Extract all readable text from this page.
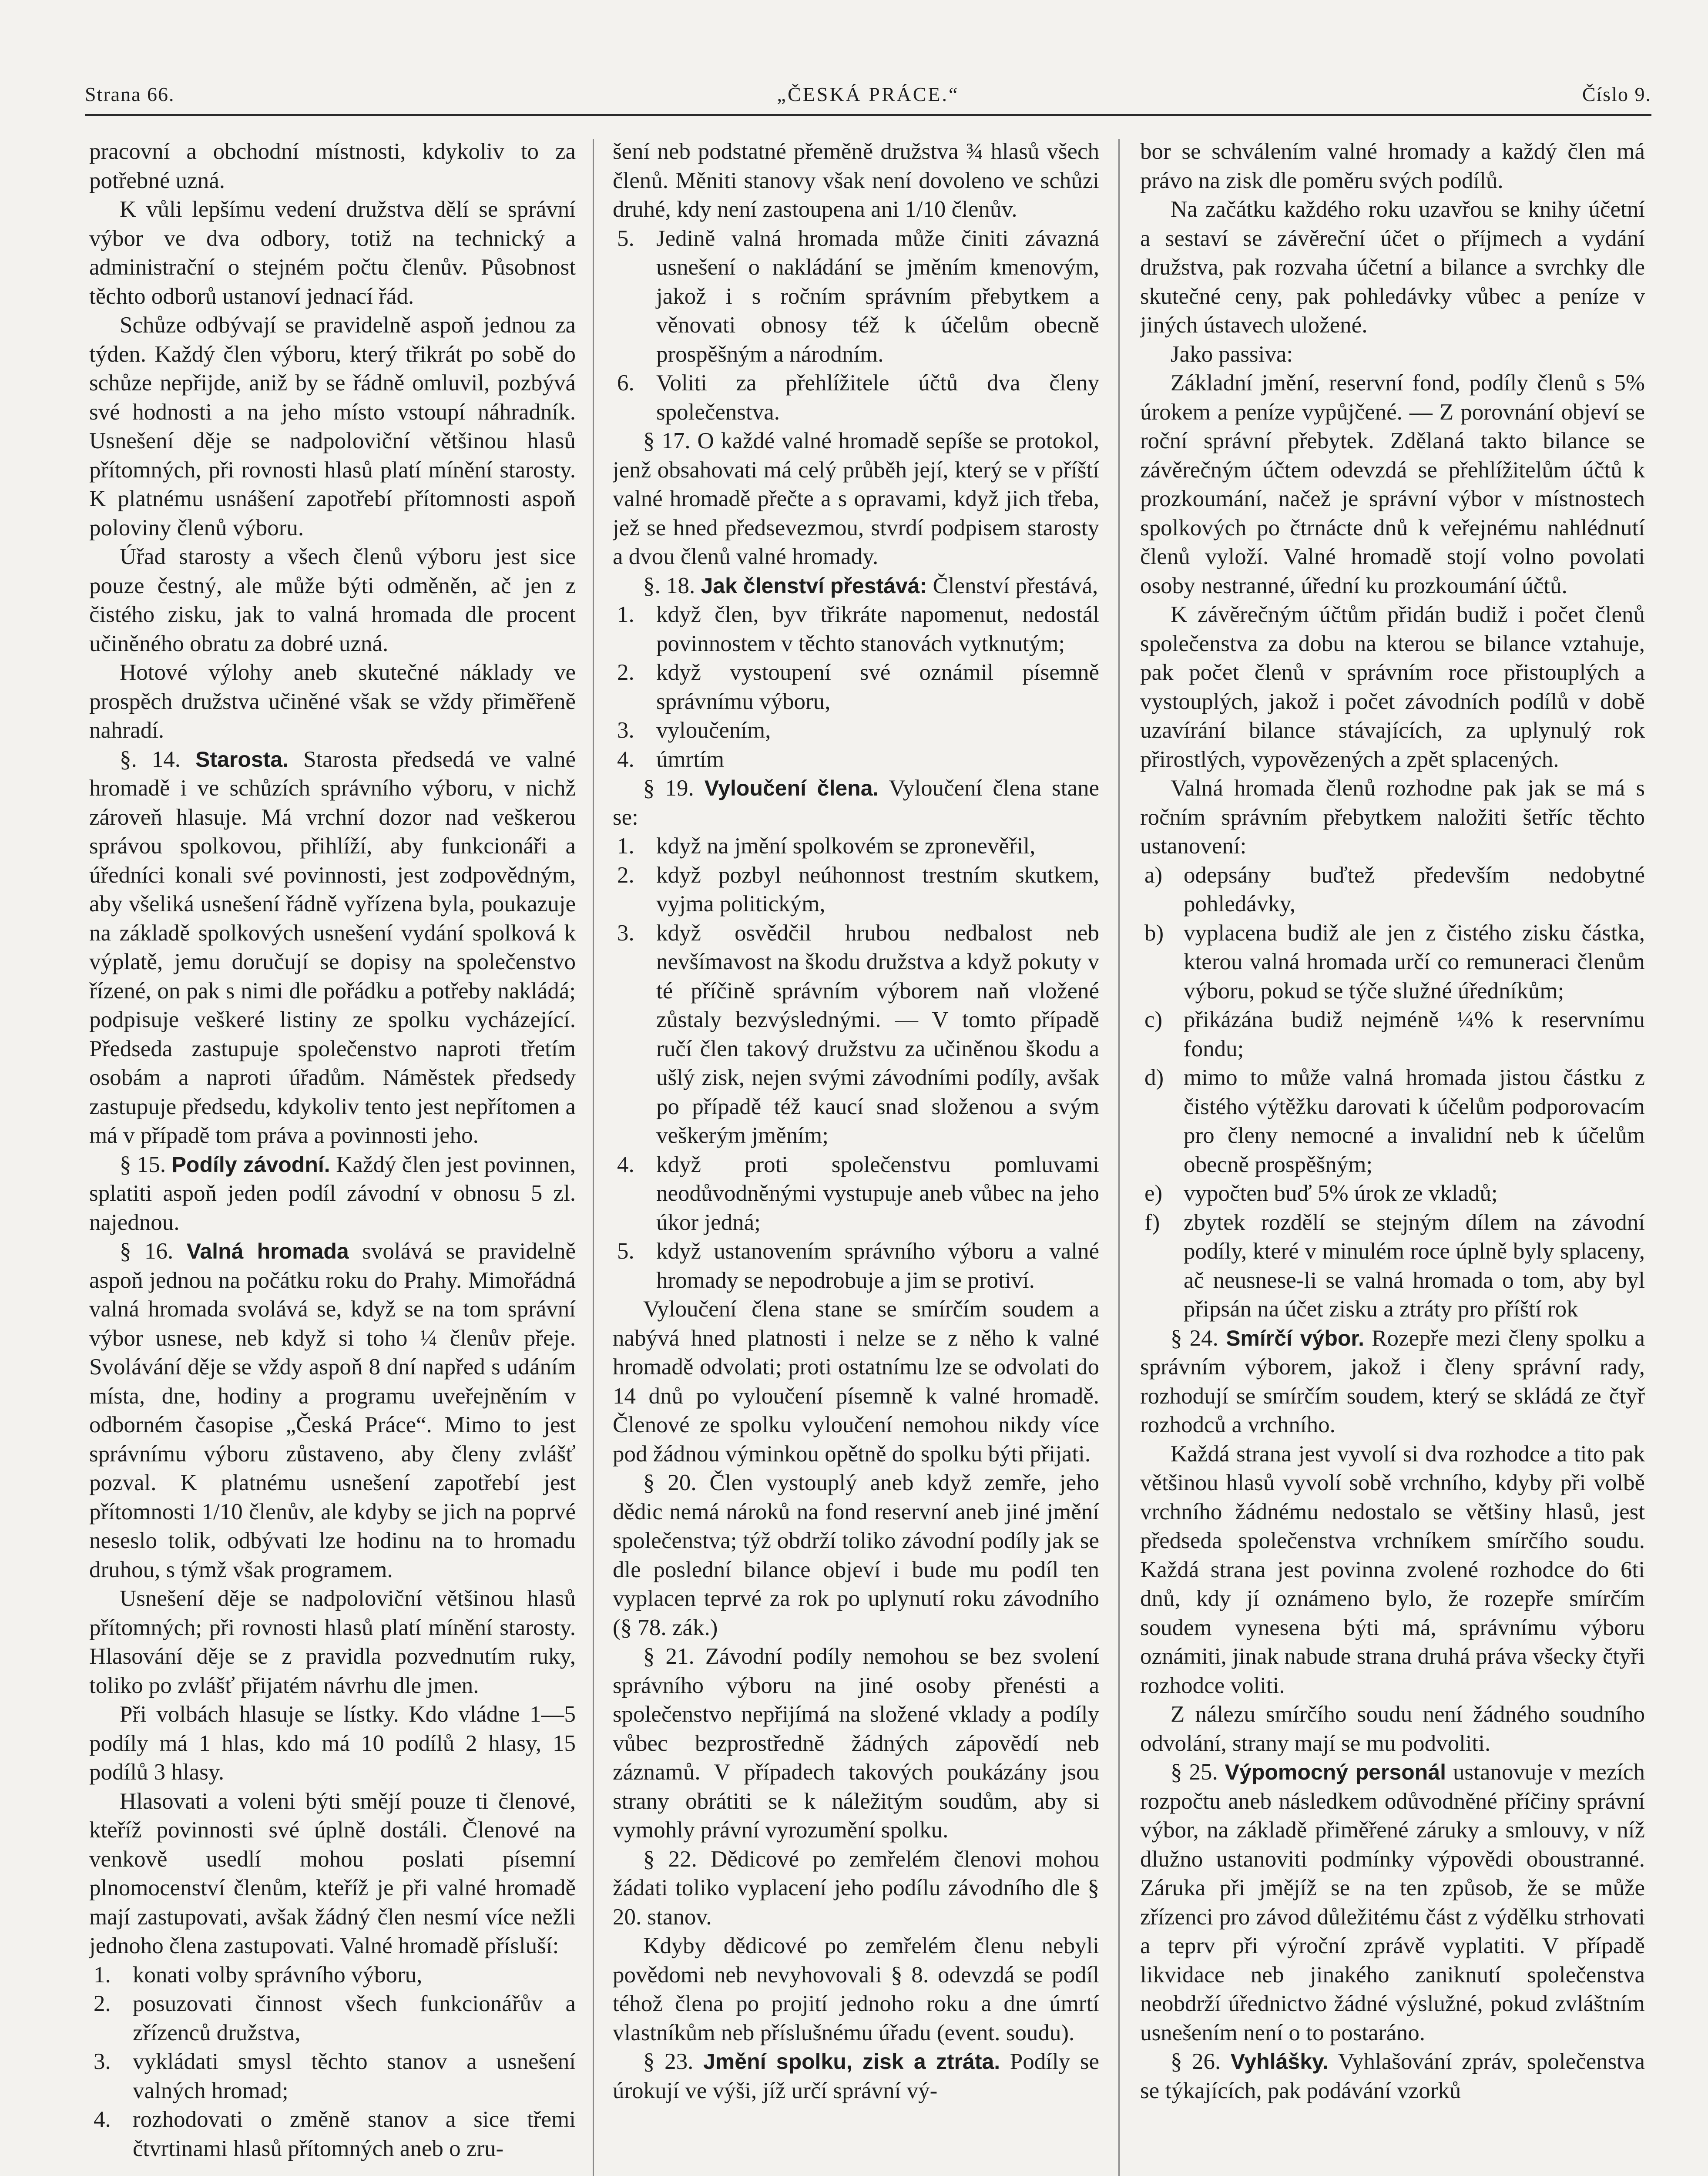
Strana 66.	„ČESKÁ PRÁCE.“	Číslo 9.

pracovní a obchodní místnosti, kdykoliv to za potřebné uzná.

K vůli lepšímu vedení družstva dělí se správní výbor ve dva odbory, totiž na technický a administrační o stejném počtu členův. Působnost těchto odborů ustanoví jednací řád.

Schůze odbývají se pravidelně aspoň jednou za týden. Každý člen výboru, který třikrát po sobě do schůze nepřijde, aniž by se řádně omluvil, pozbývá své hodnosti a na jeho místo vstoupí náhradník. Usnešení děje se nadpoloviční většinou hlasů přítomných, při rovnosti hlasů platí mínění starosty. K platnému usnášení zapotřebí přítomnosti aspoň poloviny členů výboru.

Úřad starosty a všech členů výboru jest sice pouze čestný, ale může býti odměněn, ač jen z čistého zisku, jak to valná hromada dle procent učiněného obratu za dobré uzná.

Hotové výlohy aneb skutečné náklady ve prospěch družstva učiněné však se vždy přiměřeně nahradí.

§. 14. Starosta. Starosta předsedá ve valné hromadě i ve schůzích správního výboru, v nichž zároveň hlasuje. Má vrchní dozor nad veškerou správou spolkovou, přihlíží, aby funkcionáři a úředníci konali své povinnosti, jest zodpovědným, aby všeliká usnešení řádně vyřízena byla, poukazuje na základě spolkových usnešení vydání spolková k výplatě, jemu doručují se dopisy na společenstvo řízené, on pak s nimi dle pořádku a potřeby nakládá; podpisuje veškeré listiny ze spolku vycházející. Předseda zastupuje společenstvo naproti třetím osobám a naproti úřadům. Náměstek předsedy zastupuje předsedu, kdykoliv tento jest nepřítomen a má v případě tom práva a povinnosti jeho.

§ 15. Podíly závodní. Každý člen jest povinnen, splatiti aspoň jeden podíl závodní v obnosu 5 zl. najednou.

§ 16. Valná hromada svolává se pravidelně aspoň jednou na počátku roku do Prahy. Mimořádná valná hromada svolává se, když se na tom správní výbor usnese, neb když si toho ¼ členův přeje. Svolávání děje se vždy aspoň 8 dní napřed s udáním místa, dne, hodiny a programu uveřejněním v odborném časopise „Česká Práce“. Mimo to jest správnímu výboru zůstaveno, aby členy zvlášť pozval. K platnému usnešení zapotřebí jest přítomnosti 1/10 členův, ale kdyby se jich na poprvé neseslo tolik, odbývati lze hodinu na to hromadu druhou, s týmž však programem.

Usnešení děje se nadpoloviční většinou hlasů přítomných; při rovnosti hlasů platí mínění starosty. Hlasování děje se z pravidla pozvednutím ruky, toliko po zvlášť přijatém návrhu dle jmen.

Při volbách hlasuje se lístky. Kdo vládne 1—5 podíly má 1 hlas, kdo má 10 podílů 2 hlasy, 15 podílů 3 hlasy.

Hlasovati a voleni býti smějí pouze ti členové, kteříž povinnosti své úplně dostáli. Členové na venkově usedlí mohou poslati písemní plnomocenství členům, kteříž je při valné hromadě mají zastupovati, avšak žádný člen nesmí více nežli jednoho člena zastupovati. Valné hromadě přísluší:

1. konati volby správního výboru,

2. posuzovati činnost všech funkcionářův a zřízenců družstva,

3. vykládati smysl těchto stanov a usnešení valných hromad;

4. rozhodovati o změně stanov a sice třemi čtvrtinami hlasů přítomných aneb o zru-

šení neb podstatné přeměně družstva ¾ hlasů všech členů. Měniti stanovy však není dovoleno ve schůzi druhé, kdy není zastoupena ani 1/10 členův.

5. Jedině valná hromada může činiti závazná usnešení o nakládání se jměním kmenovým, jakož i s ročním správním přebytkem a věnovati obnosy též k účelům obecně prospěšným a národním.

6. Voliti za přehlížitele účtů dva členy společenstva.

§ 17. O každé valné hromadě sepíše se protokol, jenž obsahovati má celý průběh její, který se v příští valné hromadě přečte a s opravami, když jich třeba, jež se hned předsevezmou, stvrdí podpisem starosty a dvou členů valné hromady.

§. 18. Jak členství přestává: Členství přestává,

1. když člen, byv třikráte napomenut, nedostál povinnostem v těchto stanovách vytknutým;

2. když vystoupení své oznámil písemně správnímu výboru,

3. vyloučením,

4. úmrtím

§ 19. Vyloučení člena. Vyloučení člena stane se:

1. když na jmění spolkovém se zpronevěřil,

2. když pozbyl neúhonnost trestním skutkem, vyjma politickým,

3. když osvědčil hrubou nedbalost neb nevšímavost na škodu družstva a když pokuty v té příčině správním výborem naň vložené zůstaly bezvýslednými. — V tomto případě ručí člen takový družstvu za učiněnou škodu a ušlý zisk, nejen svými závodními podíly, avšak po případě též kaucí snad složenou a svým veškerým jměním;

4. když proti společenstvu pomluvami neodůvodněnými vystupuje aneb vůbec na jeho úkor jedná;

5. když ustanovením správního výboru a valné hromady se nepodrobuje a jim se protiví.

Vyloučení člena stane se smírčím soudem a nabývá hned platnosti i nelze se z něho k valné hromadě odvolati; proti ostatnímu lze se odvolati do 14 dnů po vyloučení písemně k valné hromadě. Členové ze spolku vyloučení nemohou nikdy více pod žádnou výminkou opětně do spolku býti přijati.

§ 20. Člen vystouplý aneb když zemře, jeho dědic nemá nároků na fond reservní aneb jiné jmění společenstva; týž obdrží toliko závodní podíly jak se dle poslední bilance objeví i bude mu podíl ten vyplacen teprvé za rok po uplynutí roku závodního (§ 78. zák.)

§ 21. Závodní podíly nemohou se bez svolení správního výboru na jiné osoby přenésti a společenstvo nepřijímá na složené vklady a podíly vůbec bezprostředně žádných zápovědí neb záznamů. V případech takových poukázány jsou strany obrátiti se k náležitým soudům, aby si vymohly právní vyrozumění spolku.

§ 22. Dědicové po zemřelém členovi mohou žádati toliko vyplacení jeho podílu závodního dle § 20. stanov.

Kdyby dědicové po zemřelém členu nebyli povědomi neb nevyhovovali § 8. odevzdá se podíl téhož člena po projití jednoho roku a dne úmrtí vlastníkům neb příslušnému úřadu (event. soudu).

§ 23. Jmění spolku, zisk a ztráta. Podíly se úrokují ve výši, jíž určí správní vý-

bor se schválením valné hromady a každý člen má právo na zisk dle poměru svých podílů.

Na začátku každého roku uzavřou se knihy účetní a sestaví se závěreční účet o příjmech a vydání družstva, pak rozvaha účetní a bilance a svrchky dle skutečné ceny, pak pohledávky vůbec a peníze v jiných ústavech uložené.

Jako passiva:

Základní jmění, reservní fond, podíly členů s 5% úrokem a peníze vypůjčené. — Z porovnání objeví se roční správní přebytek. Zdělaná takto bilance se závěrečným účtem odevzdá se přehlížitelům účtů k prozkoumání, načež je správní výbor v místnostech spolkových po čtrnácte dnů k veřejnému nahlédnutí členů vyloží. Valné hromadě stojí volno povolati osoby nestranné, úřední ku prozkoumání účtů.

K závěrečným účtům přidán budiž i počet členů společenstva za dobu na kterou se bilance vztahuje, pak počet členů v správním roce přistouplých a vystouplých, jakož i počet závodních podílů v době uzavírání bilance stávajících, za uplynulý rok přirostlých, vypovězených a zpět splacených.

Valná hromada členů rozhodne pak jak se má s ročním správním přebytkem naložiti šetříc těchto ustanovení:

a) odepsány buďtež především nedobytné pohledávky,

b) vyplacena budiž ale jen z čistého zisku částka, kterou valná hromada určí co remuneraci členům výboru, pokud se týče služné úředníkům;

c) přikázána budiž nejméně ¼% k reservnímu fondu;

d) mimo to může valná hromada jistou částku z čistého výtěžku darovati k účelům podporovacím pro členy nemocné a invalidní neb k účelům obecně prospěšným;

e) vypočten buď 5% úrok ze vkladů;

f) zbytek rozdělí se stejným dílem na závodní podíly, které v minulém roce úplně byly splaceny, ač neusnese-li se valná hromada o tom, aby byl připsán na účet zisku a ztráty pro příští rok

§ 24. Smírčí výbor. Rozepře mezi členy spolku a správním výborem, jakož i členy správní rady, rozhodují se smírčím soudem, který se skládá ze čtyř rozhodců a vrchního.

Každá strana jest vyvolí si dva rozhodce a tito pak většinou hlasů vyvolí sobě vrchního, kdyby při volbě vrchního žádnému nedostalo se většiny hlasů, jest předseda společenstva vrchníkem smírčího soudu. Každá strana jest povinna zvolené rozhodce do 6ti dnů, kdy jí oznámeno bylo, že rozepře smírčím soudem vynesena býti má, správnímu výboru oznámiti, jinak nabude strana druhá práva všecky čtyři rozhodce voliti.

Z nálezu smírčího soudu není žádného soudního odvolání, strany mají se mu podvoliti.

§ 25. Výpomocný personál ustanovuje v mezích rozpočtu aneb následkem odůvodněné příčiny správní výbor, na základě přiměřené záruky a smlouvy, v níž dlužno ustanoviti podmínky výpovědi oboustranné. Záruka při jmějíž se na ten způsob, že se může zřízenci pro závod důležitému část z výdělku strhovati a teprv při výroční zprávě vyplatiti. V případě likvidace neb jinakého zaniknutí společenstva neobdrží úřednictvo žádné výslužné, pokud zvláštním usnešením není o to postaráno.

§ 26. Vyhlášky. Vyhlašování zpráv, společenstva se týkajících, pak podávání vzorků
